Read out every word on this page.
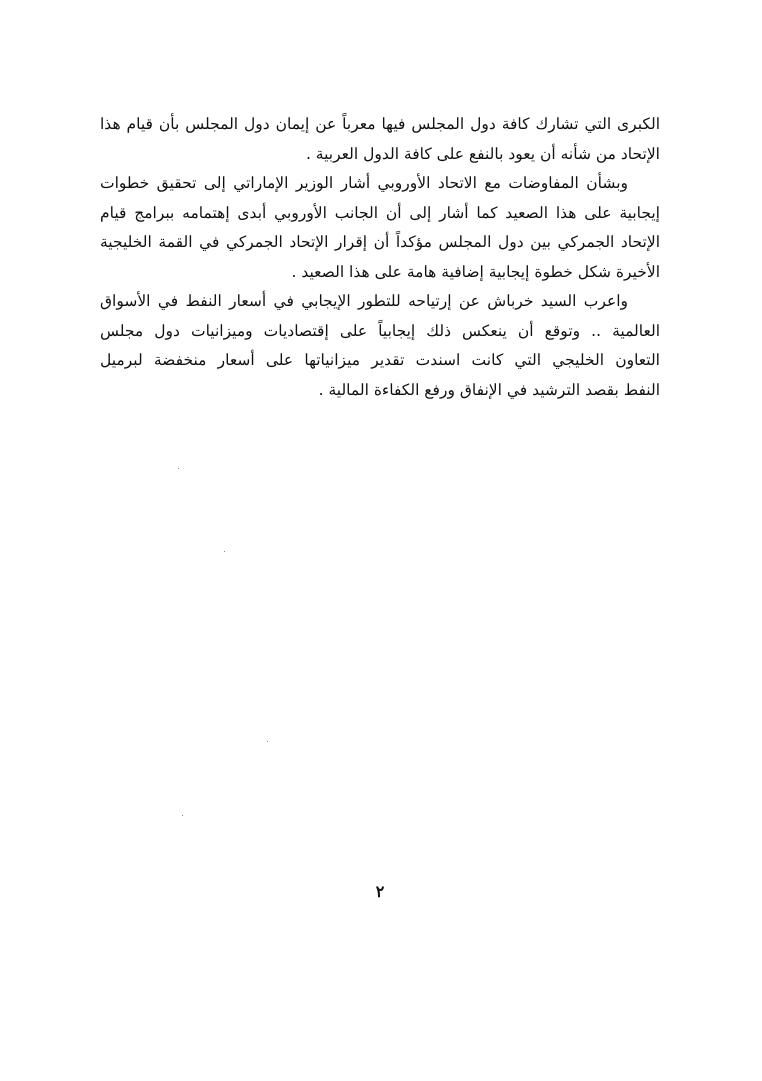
الكبرى التي تشارك كافة دول المجلس فيها معرباً عن إيمان دول المجلس بأن قيام هذا
الإتحاد من شأنه أن يعود بالنفع على كافة الدول العربية .
وبشأن المفاوضات مع الاتحاد الأوروبي أشار الوزير الإماراتي إلى تحقيق خطوات
إيجابية على هذا الصعيد كما أشار إلى أن الجانب الأوروبي أبدى إهتمامه ببرامج قيام
الإتحاد الجمركي بين دول المجلس مؤكداً أن إقرار الإتحاد الجمركي في القمة الخليجية
الأخيرة شكل خطوة إيجابية إضافية هامة على هذا الصعيد .
واعرب السيد خرباش عن إرتياحه للتطور الإيجابي في أسعار النفط في الأسواق
العالمية .. وتوقع أن ينعكس ذلك إيجابياً على إقتصاديات وميزانيات دول مجلس
التعاون الخليجي التي كانت اسندت تقدير ميزانياتها على أسعار منخفضة لبرميل
النفط بقصد الترشيد في الإنفاق ورفع الكفاءة المالية .
٢
